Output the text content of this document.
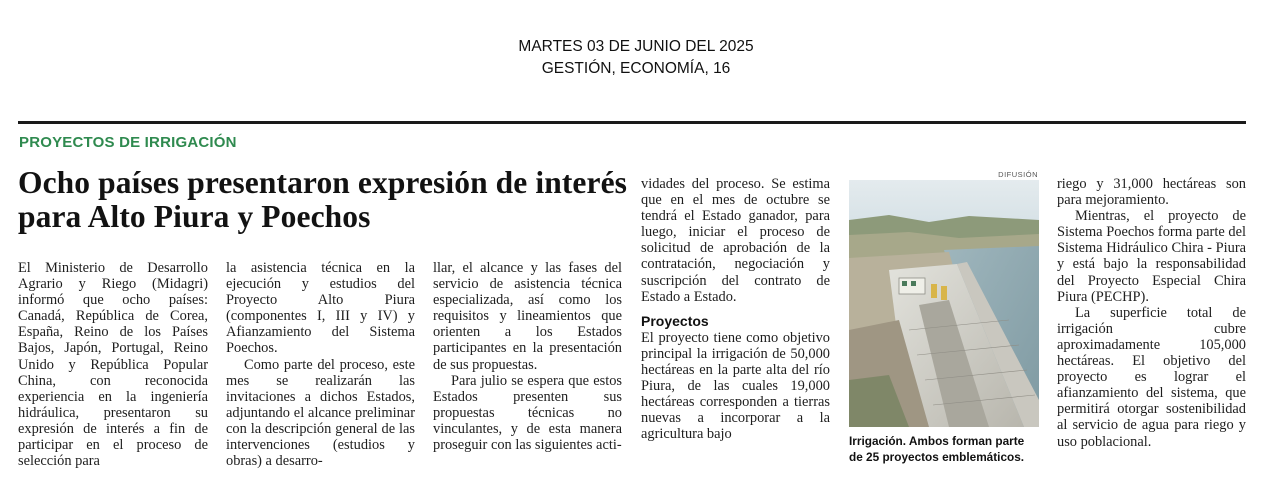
MARTES 03 DE JUNIO DEL 2025
GESTIÓN, ECONOMÍA, 16
PROYECTOS DE IRRIGACIÓN
Ocho países presentaron expresión de interés para Alto Piura y Poechos

El Ministerio de Desarrollo Agrario y Riego (Midagri) informó que ocho países: Canadá, República de Corea, España, Reino de los Países Bajos, Japón, Portugal, Reino Unido y República Popular China, con reconocida experiencia en la ingeniería hidráulica, presentaron su expresión de interés a fin de participar en el proceso de selección para

la asistencia técnica en la ejecución y estudios del Proyecto Alto Piura (componentes I, III y IV) y Afianzamiento del Sistema Poechos.

Como parte del proceso, este mes se realizarán las invitaciones a dichos Estados, adjuntando el alcance preliminar con la descripción general de las intervenciones (estudios y obras) a desarro-

llar, el alcance y las fases del servicio de asistencia técnica especializada, así como los requisitos y lineamientos que orienten a los Estados participantes en la presentación de sus propuestas.

Para julio se espera que estos Estados presenten sus propuestas técnicas no vinculantes, y de esta manera proseguir con las siguientes acti-

vidades del proceso. Se estima que en el mes de octubre se tendrá el Estado ganador, para luego, iniciar el proceso de solicitud de aprobación de la contratación, negociación y suscripción del contrato de Estado a Estado.

Proyectos

El proyecto tiene como objetivo principal la irrigación de 50,000 hectáreas en la parte alta del río Piura, de las cuales 19,000 hectáreas corresponden a tierras nuevas a incorporar a la agricultura bajo

DIFUSIÓN
Irrigación. Ambos forman parte de 25 proyectos emblemáticos.

riego y 31,000 hectáreas son para mejoramiento.

Mientras, el proyecto de Sistema Poechos forma parte del Sistema Hidráulico Chira - Piura y está bajo la responsabilidad del Proyecto Especial Chira Piura (PECHP).

La superficie total de irrigación cubre aproximadamente 105,000 hectáreas. El objetivo del proyecto es lograr el afianzamiento del sistema, que permitirá otorgar sostenibilidad al servicio de agua para riego y uso poblacional.
